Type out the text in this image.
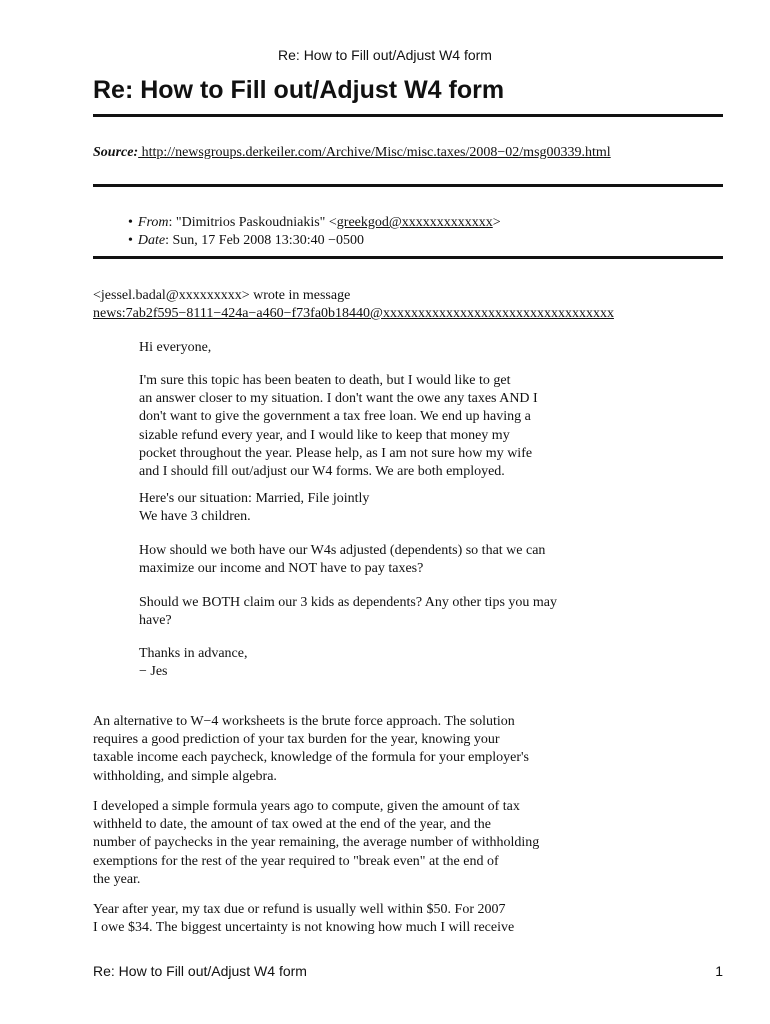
Re: How to Fill out/Adjust W4 form
Re: How to Fill out/Adjust W4 form
Source: http://newsgroups.derkeiler.com/Archive/Misc/misc.taxes/2008−02/msg00339.html
• From: "Dimitrios Paskoudniakis" <greekgod@xxxxxxxxxxxxx>
• Date: Sun, 17 Feb 2008 13:30:40 −0500

<jessel.badal@xxxxxxxxx> wrote in message

news:7ab2f595−8111−424a−a460−f73fa0b18440@xxxxxxxxxxxxxxxxxxxxxxxxxxxxxxxxx

Hi everyone,

I'm sure this topic has been beaten to death, but I would like to get
an answer closer to my situation. I don't want the owe any taxes AND I
don't want to give the government a tax free loan. We end up having a
sizable refund every year, and I would like to keep that money my
pocket throughout the year. Please help, as I am not sure how my wife
and I should fill out/adjust our W4 forms. We are both employed.

Here's our situation: Married, File jointly
We have 3 children.

How should we both have our W4s adjusted (dependents) so that we can
maximize our income and NOT have to pay taxes?

Should we BOTH claim our 3 kids as dependents? Any other tips you may
have?

Thanks in advance,
− Jes

An alternative to W−4 worksheets is the brute force approach. The solution
requires a good prediction of your tax burden for the year, knowing your
taxable income each paycheck, knowledge of the formula for your employer's
withholding, and simple algebra.

I developed a simple formula years ago to compute, given the amount of tax
withheld to date, the amount of tax owed at the end of the year, and the
number of paychecks in the year remaining, the average number of withholding
exemptions for the rest of the year required to "break even" at the end of
the year.

Year after year, my tax due or refund is usually well within $50. For 2007
I owe $34. The biggest uncertainty is not knowing how much I will receive

Re: How to Fill out/Adjust W4 form	1
